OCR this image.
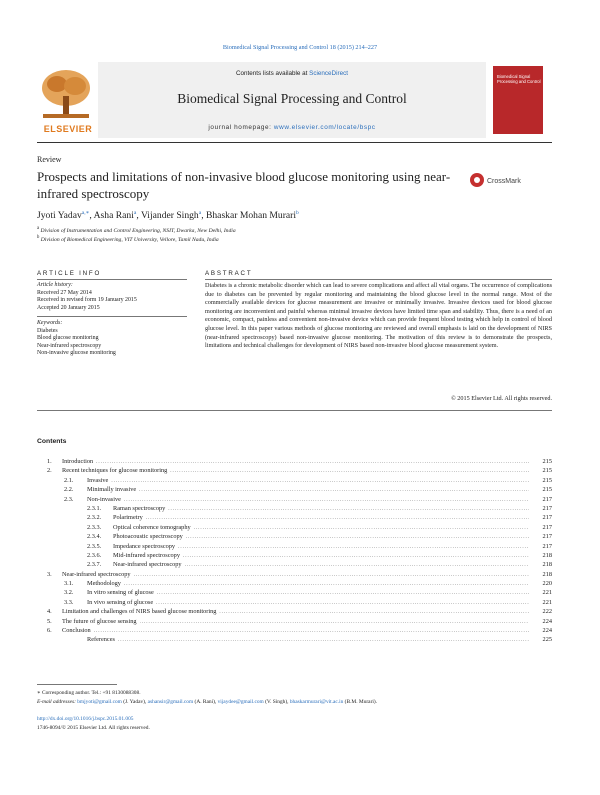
Biomedical Signal Processing and Control 18 (2015) 214–227
ELSEVIER
Contents lists available at ScienceDirect
Biomedical Signal Processing and Control
journal homepage: www.elsevier.com/locate/bspc
Biomedical Signal Processing and Control
Review
Prospects and limitations of non-invasive blood glucose monitoring using near-infrared spectroscopy
CrossMark
Jyoti Yadav$^{a,∗}$, Asha Rani$^a$, Vijander Singh$^a$, Bhaskar Mohan Murari$^b$
$^a$ Division of Instrumentation and Control Engineering, NSIT, Dwarka, New Delhi, India
$^b$ Division of Biomedical Engineering, VIT University, Vellore, Tamil Nadu, India
ARTICLE INFO	ABSTRACT
Article history:
Received 27 May 2014
Received in revised form 19 January 2015
Accepted 20 January 2015
Keywords:
Diabetes
Blood glucose monitoring
Near-infrared spectroscopy
Non-invasive glucose monitoring
Diabetes is a chronic metabolic disorder which can lead to severe complications and affect all vital organs. The occurrence of complications due to diabetes can be prevented by regular monitoring and maintaining the blood glucose level in the normal range. Most of the commercially available devices for glucose measurement are invasive or minimally invasive. Invasive devices used for blood glucose monitoring are inconvenient and painful whereas minimal invasive devices have limited time span and stability. Thus, there is a need of an economic, compact, painless and convenient non-invasive device which can provide frequent blood testing which help in control of blood glucose level. In this paper various methods of glucose monitoring are reviewed and overall emphasis is laid on the development of NIRS (near-infrared spectroscopy) based non-invasive glucose monitoring. The motivation of this review is to demonstrate the prospects, limitations and technical challenges for development of NIRS based non-invasive blood glucose measurement system.
© 2015 Elsevier Ltd. All rights reserved.
Contents
1.	Introduction .....	215
2.	Recent techniques for glucose monitoring .....	215
2.1.	Invasive .....	215
2.2.	Minimally invasive .....	215
2.3.	Non-invasive .....	217
2.3.1.	Raman spectroscopy .....	217
2.3.2.	Polarimetry .....	217
2.3.3.	Optical coherence tomography .....	217
2.3.4.	Photoacoustic spectroscopy .....	217
2.3.5.	Impedance spectroscopy .....	217
2.3.6.	Mid-infrared spectroscopy .....	218
2.3.7.	Near-infrared spectroscopy .....	218
3.	Near-infrared spectroscopy .....	218
3.1.	Methodology .....	220
3.2.	In vitro sensing of glucose .....	221
3.3.	In vivo sensing of glucose .....	221
4.	Limitation and challenges of NIRS based glucose monitoring .....	222
5.	The future of glucose sensing .....	224
6.	Conclusion .....	224
References .....	225
∗ Corresponding author. Tel.: +91 8130088308.
E-mail addresses: bmjyoti@gmail.com (J. Yadav), ashansir@gmail.com (A. Rani), vijaydee@gmail.com (V. Singh), bhaskarmurari@vit.ac.in (B.M. Murari).
http://dx.doi.org/10.1016/j.bspc.2015.01.005
1746-8094/© 2015 Elsevier Ltd. All rights reserved.
